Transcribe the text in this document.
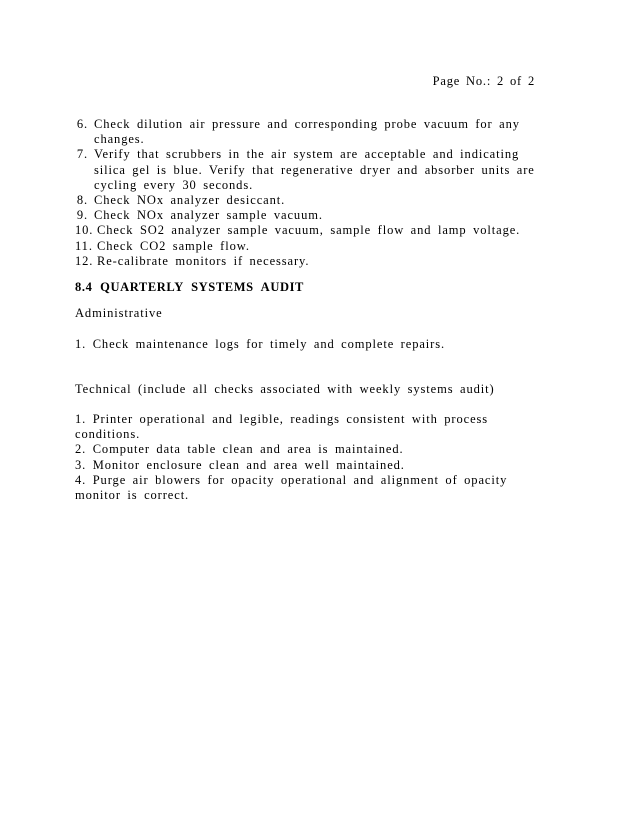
Page No.: 2 of 2
6. Check dilution air pressure and corresponding probe vacuum for any changes.
7. Verify that scrubbers in the air system are acceptable and indicating silica gel is blue. Verify that regenerative dryer and absorber units are cycling every 30 seconds.
8. Check NOx analyzer desiccant.
9. Check NOx analyzer sample vacuum.
10. Check SO2 analyzer sample vacuum, sample flow and lamp voltage.
11. Check CO2 sample flow.
12. Re-calibrate monitors if necessary.
8.4 QUARTERLY SYSTEMS AUDIT
Administrative
1. Check maintenance logs for timely and complete repairs.
Technical (include all checks associated with weekly systems audit)
1. Printer operational and legible, readings consistent with process conditions.
2. Computer data table clean and area is maintained.
3. Monitor enclosure clean and area well maintained.
4. Purge air blowers for opacity operational and alignment of opacity monitor is correct.
